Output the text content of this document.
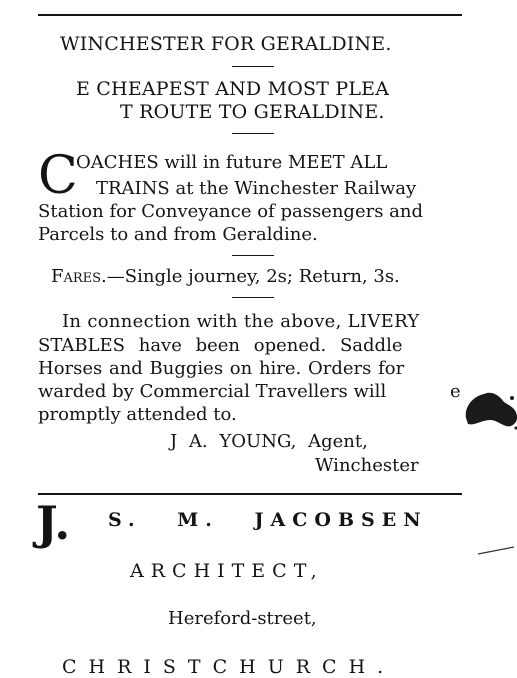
WINCHESTER FOR GERALDINE.
E CHEAPEST AND MOST PLEA
T ROUTE TO GERALDINE.
C
OACHES will in future MEET ALL
TRAINS at the Winchester Railway
Station for Conveyance of passengers and
Parcels to and from Geraldine.
Fares.—Single journey, 2s; Return, 3s.
In connection with the above, LIVERY
STABLES have been opened. Saddle
Horses and Buggies on hire. Orders for
warded by Commercial Travellers will	e
promptly attended to.
J A. YOUNG, Agent,
Winchester
J. S. M. JACOBSEN
ARCHITECT,
Hereford-street,
CHRISTCHURCH.
